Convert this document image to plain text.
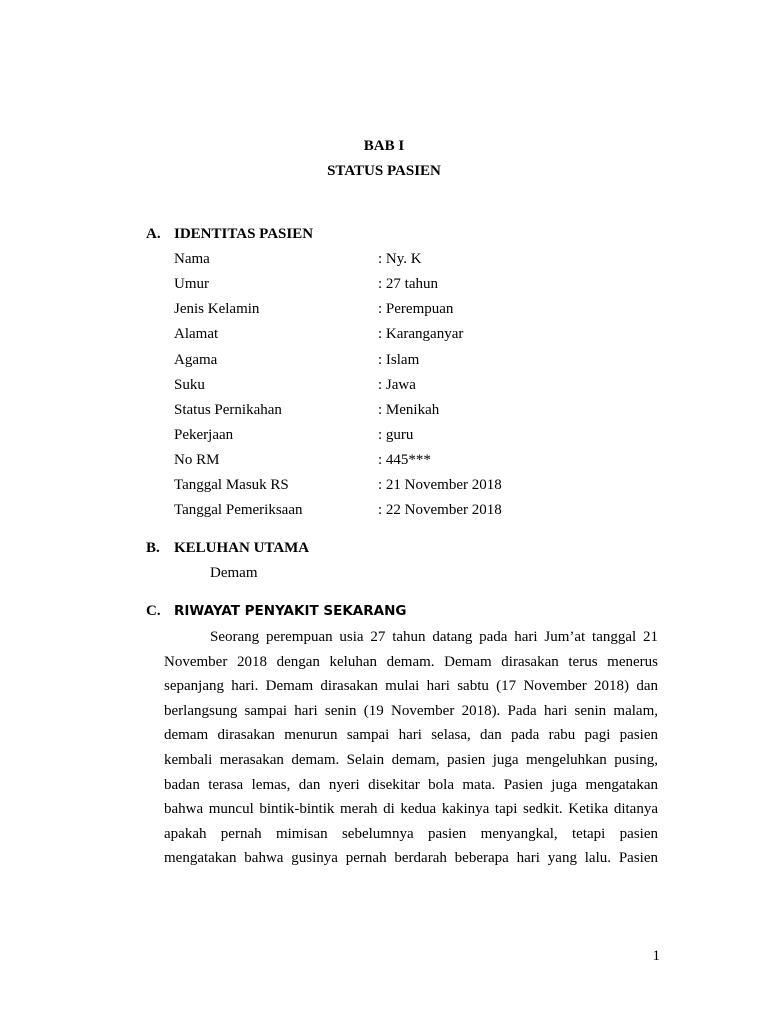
BAB I
STATUS PASIEN
A. IDENTITAS PASIEN
Nama	: Ny. K
Umur	: 27 tahun
Jenis Kelamin	: Perempuan
Alamat	: Karanganyar
Agama	: Islam
Suku	: Jawa
Status Pernikahan	: Menikah
Pekerjaan	: guru
No RM	: 445***
Tanggal Masuk RS	: 21 November 2018
Tanggal Pemeriksaan	: 22 November 2018
B. KELUHAN UTAMA
Demam
C. RIWAYAT PENYAKIT SEKARANG

Seorang perempuan usia 27 tahun datang pada hari Jum’at tanggal 21

November 2018 dengan keluhan demam. Demam dirasakan terus menerus

sepanjang hari. Demam dirasakan mulai hari sabtu (17 November 2018) dan

berlangsung sampai hari senin (19 November 2018). Pada hari senin malam,

demam dirasakan menurun sampai hari selasa, dan pada rabu pagi pasien

kembali merasakan demam. Selain demam, pasien juga mengeluhkan pusing,

badan terasa lemas, dan nyeri disekitar bola mata. Pasien juga mengatakan

bahwa muncul bintik-bintik merah di kedua kakinya tapi sedkit. Ketika ditanya

apakah pernah mimisan sebelumnya pasien menyangkal, tetapi pasien

mengatakan bahwa gusinya pernah berdarah beberapa hari yang lalu. Pasien

1
